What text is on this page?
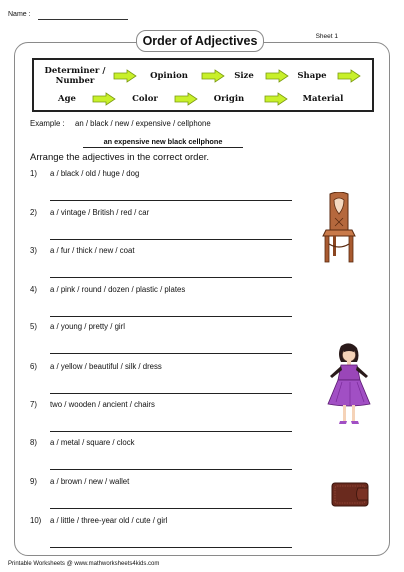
Name :
Sheet 1
Order of Adjectives
Determiner / Number	Opinion	Size	Shape
Age	Color	Origin	Material
Example : an / black / new / expensive / cellphone
an expensive new black cellphone
Arrange the adjectives in the correct order.
1)	a / black / old / huge / dog
2)	a / vintage / British / red / car
3)	a / fur / thick / new / coat
4)	a / pink / round / dozen / plastic / plates
5)	a / young / pretty / girl
6)	a / yellow / beautiful / silk / dress
7)	two / wooden / ancient / chairs
8)	a / metal / square / clock
9)	a / brown / new / wallet
10)	a / little / three-year old / cute / girl
Printable Worksheets @ www.mathworksheets4kids.com
